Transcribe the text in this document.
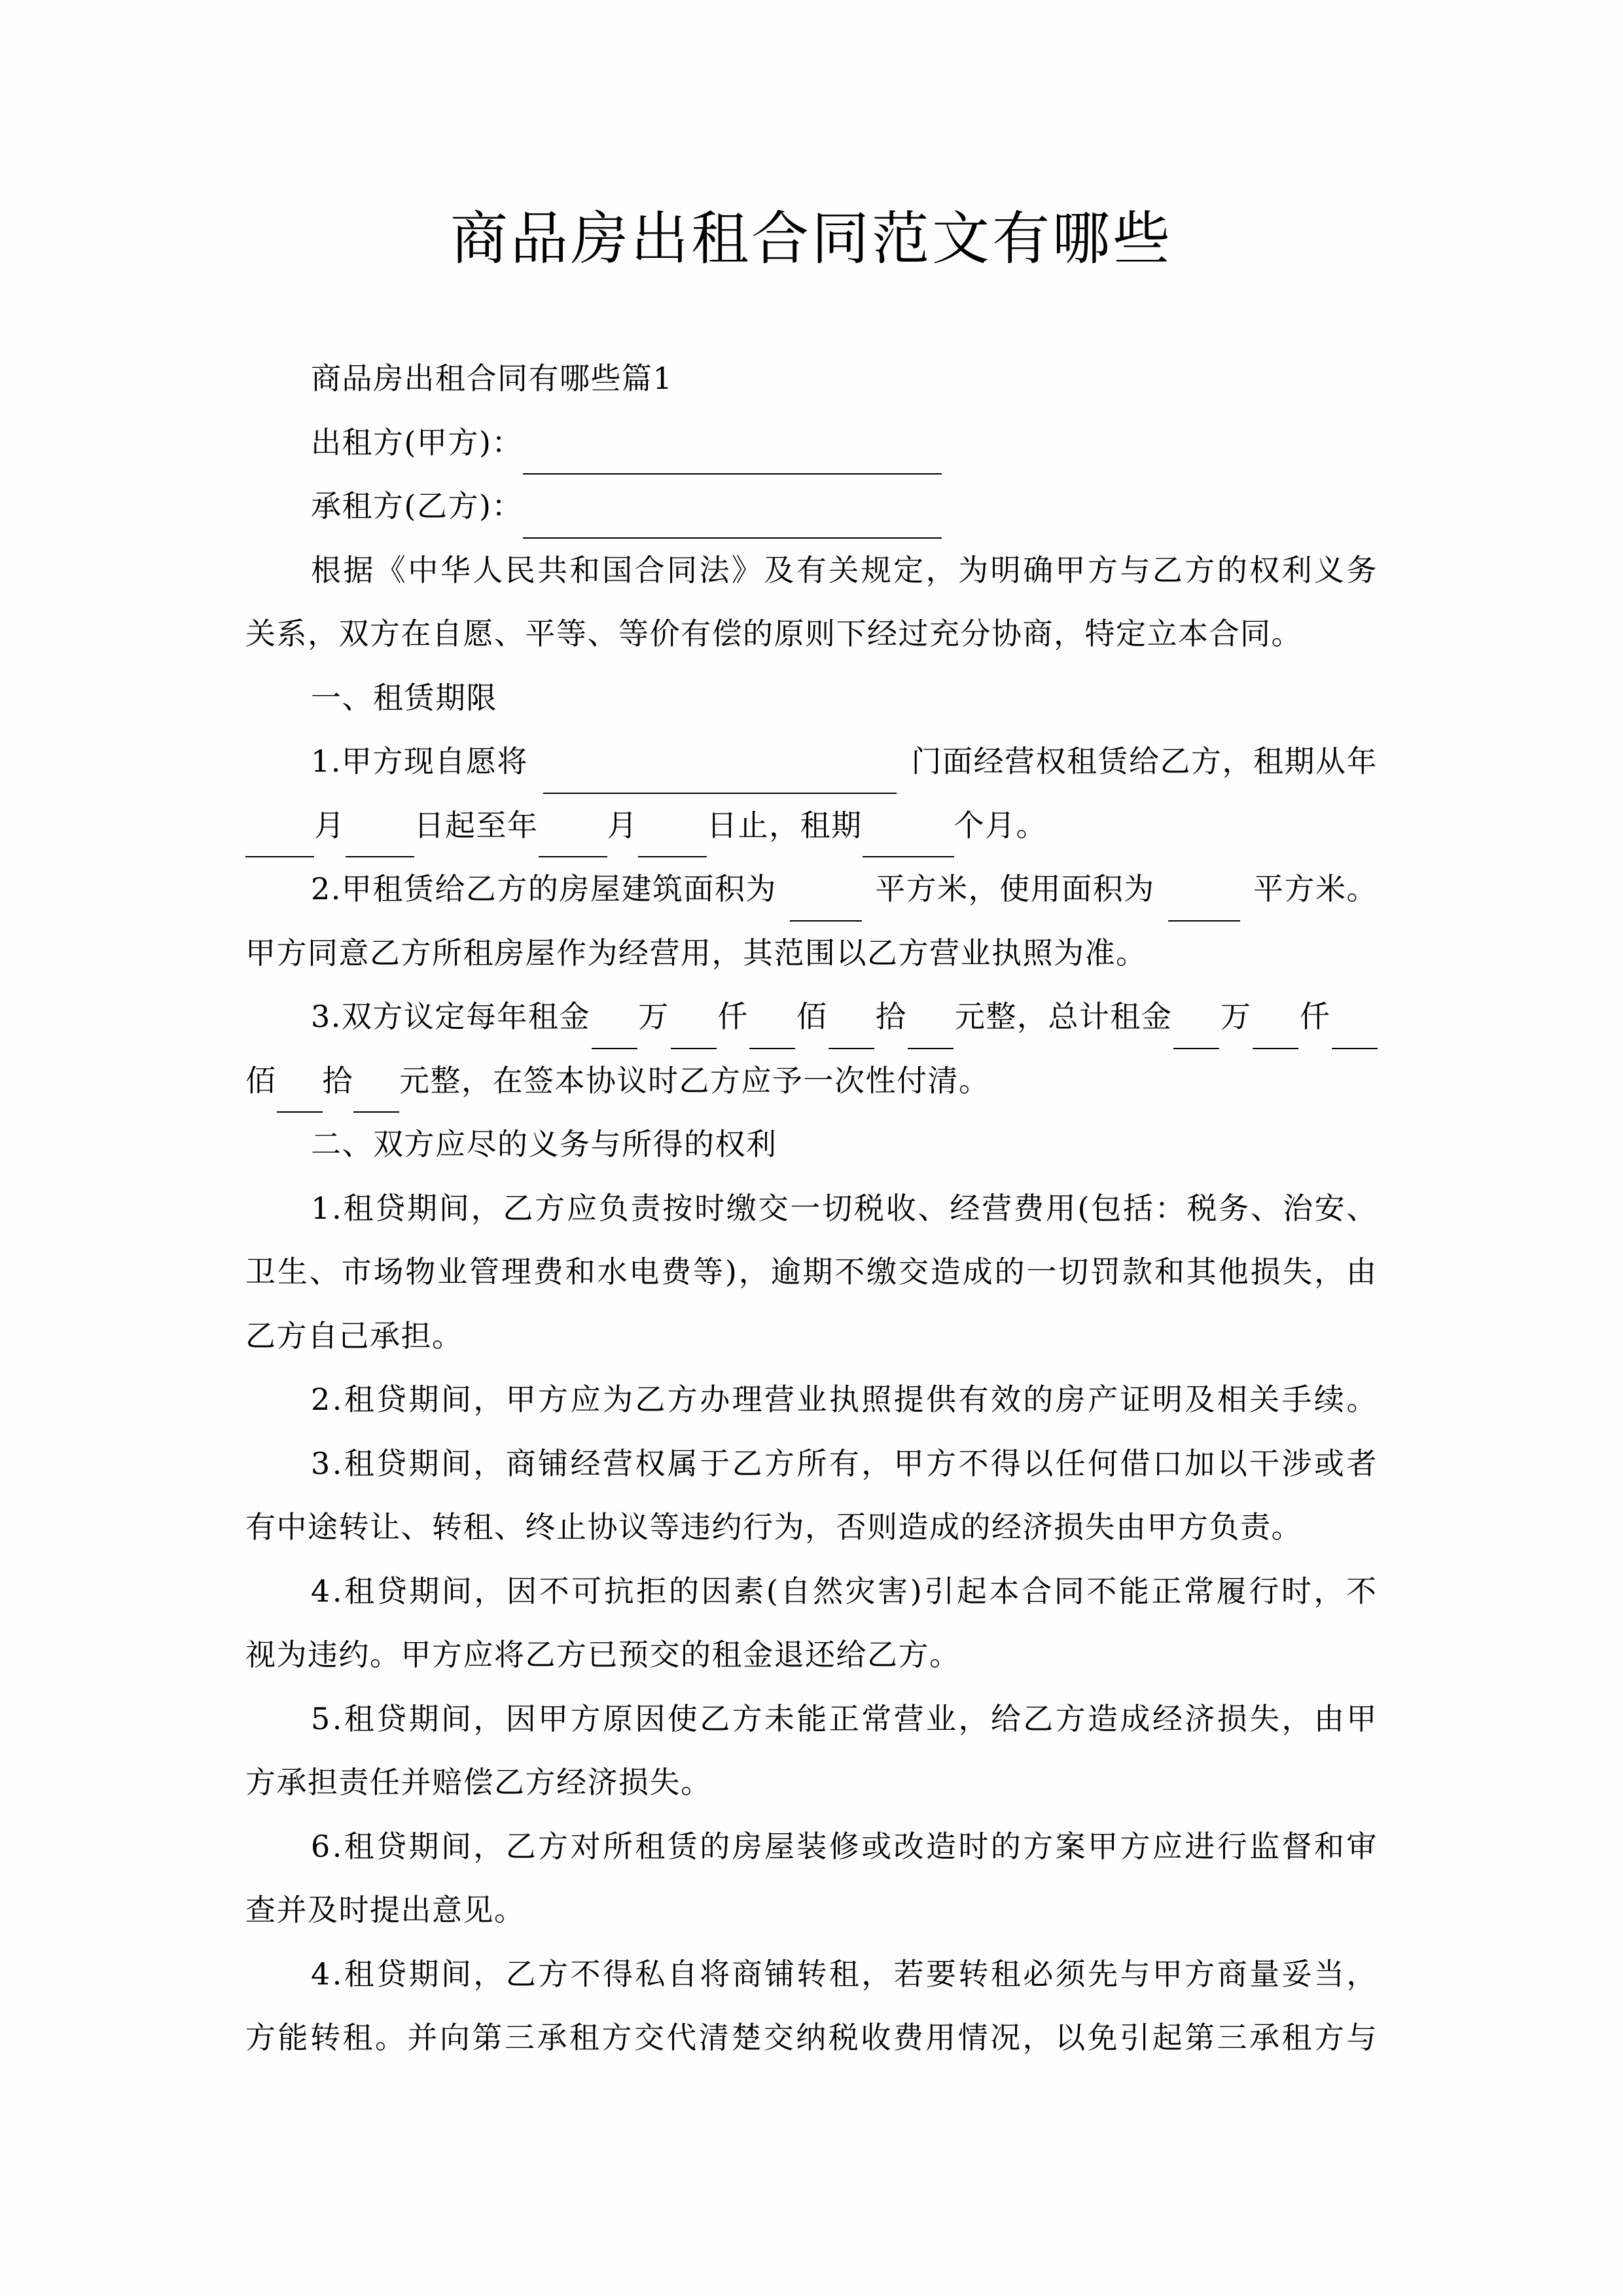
商品房出租合同范文有哪些
商品房出租合同有哪些篇1
出租方(甲方)：
承租方(乙方)：
根 据 《 中 华 人 民 共 和 国 合 同 法 》 及 有 关 规 定 ， 为 明 确 甲 方 与 乙 方 的 权 利 义 务
关系，双方在自愿、平等、等价有偿的原则下经过充分协商，特定立本合同。
一、租赁期限
1.甲方现自愿将	门面经营权租赁给乙方，租期从年
月 日起至年 月 日止，租期	个月。
2.甲租赁给乙方的房屋建筑面积为	平方米，使用面积为	平方米。
甲方同意乙方所租房屋作为经营用，其范围以乙方营业执照为准。
3.双方议定每年租金 万 仟 佰 拾 元整，总计租金 万 仟
佰 拾 元整，在签本协议时乙方应予一次性付清。
二、双方应尽的义务与所得的权利
1 . 租 贷 期 间 ， 乙 方 应 负 责 按 时 缴 交 一 切 税 收 、 经 营 费 用 ( 包 括 ： 税 务 、 治 安 、
卫 生 、 市 场 物 业 管 理 费 和 水 电 费 等 ) ， 逾 期 不 缴 交 造 成 的 一 切 罚 款 和 其 他 损 失 ， 由
乙方自己承担。
2 . 租 贷 期 间 ， 甲 方 应 为 乙 方 办 理 营 业 执 照 提 供 有 效 的 房 产 证 明 及 相 关 手 续 。
3 . 租 贷 期 间 ， 商 铺 经 营 权 属 于 乙 方 所 有 ， 甲 方 不 得 以 任 何 借 口 加 以 干 涉 或 者
有中途转让、转租、终止协议等违约行为，否则造成的经济损失由甲方负责。
4 . 租 贷 期 间 ， 因 不 可 抗 拒 的 因 素 ( 自 然 灾 害 ) 引 起 本 合 同 不 能 正 常 履 行 时 ， 不
视为违约。甲方应将乙方已预交的租金退还给乙方。
5 . 租 贷 期 间 ， 因 甲 方 原 因 使 乙 方 未 能 正 常 营 业 ， 给 乙 方 造 成 经 济 损 失 ， 由 甲
方承担责任并赔偿乙方经济损失。
6 . 租 贷 期 间 ， 乙 方 对 所 租 赁 的 房 屋 装 修 或 改 造 时 的 方 案 甲 方 应 进 行 监 督 和 审
查并及时提出意见。
4 . 租 贷 期 间 ， 乙 方 不 得 私 自 将 商 铺 转 租 ， 若 要 转 租 必 须 先 与 甲 方 商 量 妥 当 ，
方 能 转 租 。 并 向 第 三 承 租 方 交 代 清 楚 交 纳 税 收 费 用 情 况 ， 以 免 引 起 第 三 承 租 方 与
